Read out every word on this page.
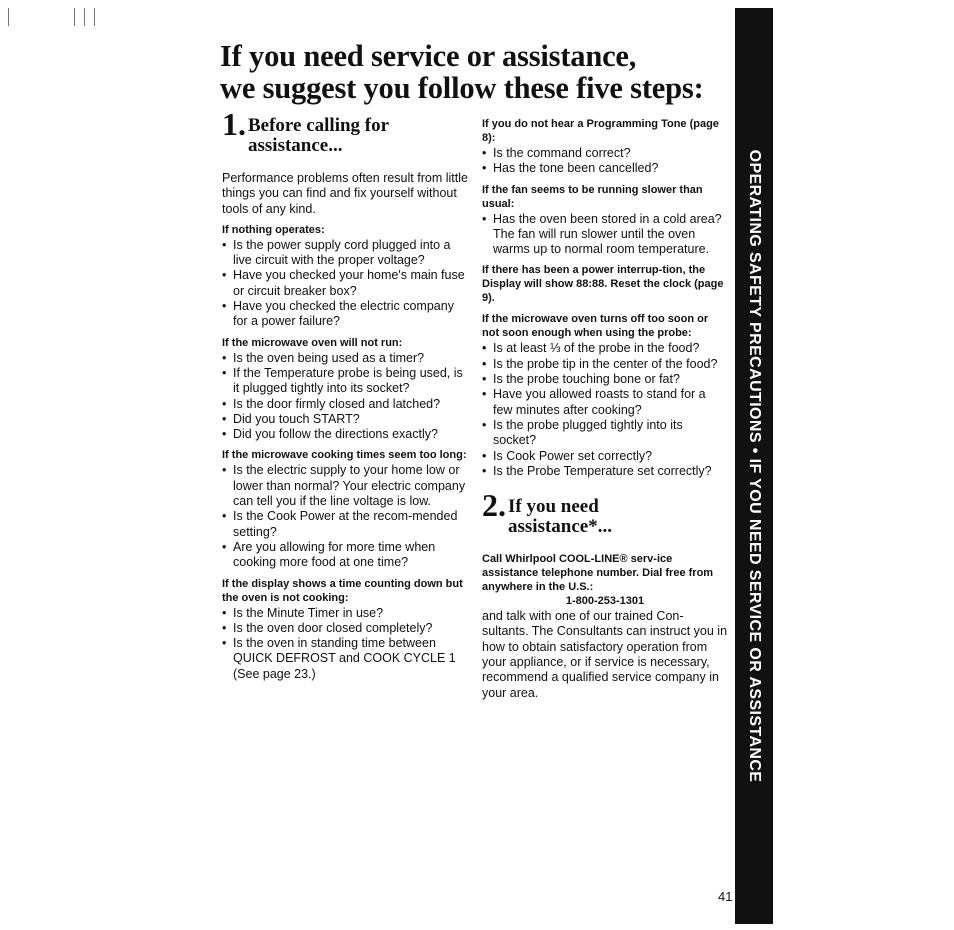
If you need service or assistance,
we suggest you follow these five steps:
1. Before calling for
assistance...

Performance problems often result from little things you can find and fix yourself without tools of any kind.

If nothing operates:
• Is the power supply cord plugged into a live circuit with the proper voltage?
• Have you checked your home's main fuse or circuit breaker box?
• Have you checked the electric company for a power failure?
If the microwave oven will not run:
• Is the oven being used as a timer?
• If the Temperature probe is being used, is it plugged tightly into its socket?
• Is the door firmly closed and latched?
• Did you touch START?
• Did you follow the directions exactly?
If the microwave cooking times seem too long:
• Is the electric supply to your home low or lower than normal? Your electric company can tell you if the line voltage is low.
• Is the Cook Power at the recom-mended setting?
• Are you allowing for more time when cooking more food at one time?
If the display shows a time counting down but the oven is not cooking:
• Is the Minute Timer in use?
• Is the oven door closed completely?
• Is the oven in standing time between QUICK DEFROST and COOK CYCLE 1 (See page 23.)
If you do not hear a Programming Tone (page 8):
• Is the command correct?
• Has the tone been cancelled?
If the fan seems to be running slower than usual:
• Has the oven been stored in a cold area? The fan will run slower until the oven warms up to normal room temperature.
If there has been a power interrup-tion, the Display will show 88:88. Reset the clock (page 9).
If the microwave oven turns off too soon or not soon enough when using the probe:
• Is at least ⅓ of the probe in the food?
• Is the probe tip in the center of the food?
• Is the probe touching bone or fat?
• Have you allowed roasts to stand for a few minutes after cooking?
• Is the probe plugged tightly into its socket?
• Is Cook Power set correctly?
• Is the Probe Temperature set correctly?
2. If you need
assistance*...

Call Whirlpool COOL-LINE® serv-ice assistance telephone number. Dial free from anywhere in the U.S.:

1-800-253-1301

and talk with one of our trained Con-sultants. The Consultants can instruct you in how to obtain satisfactory operation from your appliance, or if service is necessary, recommend a qualified service company in your area.	OPERATING SAFETY PRECAUTIONS • IF YOU NEED SERVICE OR ASSISTANCE
41
